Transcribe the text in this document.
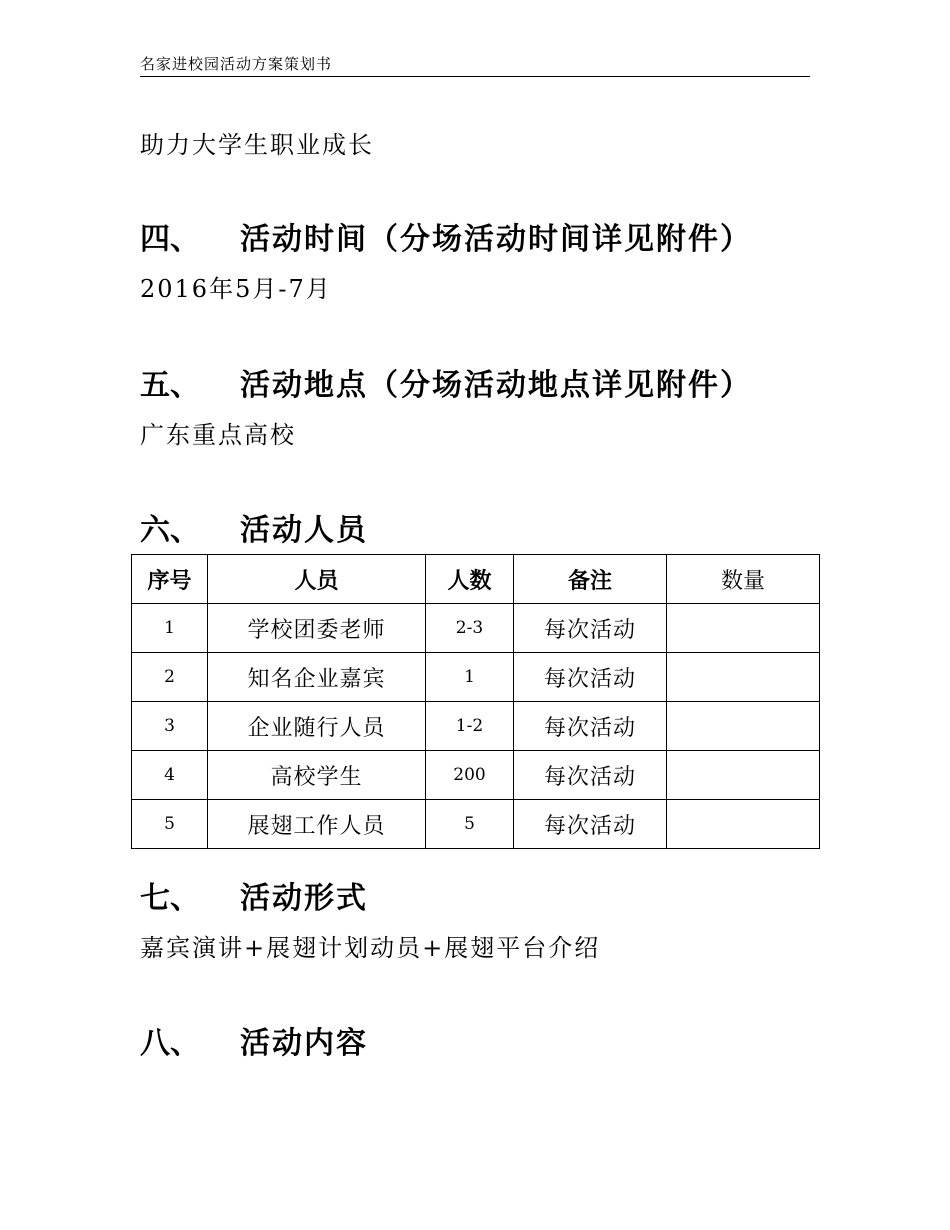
名家进校园活动方案策划书
助力大学生职业成长
四、 活动时间（分场活动时间详见附件）
2016年5月-7月
五、 活动地点（分场活动地点详见附件）
广东重点高校
六、 活动人员
序号	人员	人数	备注	数量
1	学校团委老师	2-3	每次活动	
2	知名企业嘉宾	1	每次活动	
3	企业随行人员	1-2	每次活动	
4	高校学生	200	每次活动	
5	展翅工作人员	5	每次活动	
七、 活动形式
嘉宾演讲+展翅计划动员+展翅平台介绍
八、 活动内容
